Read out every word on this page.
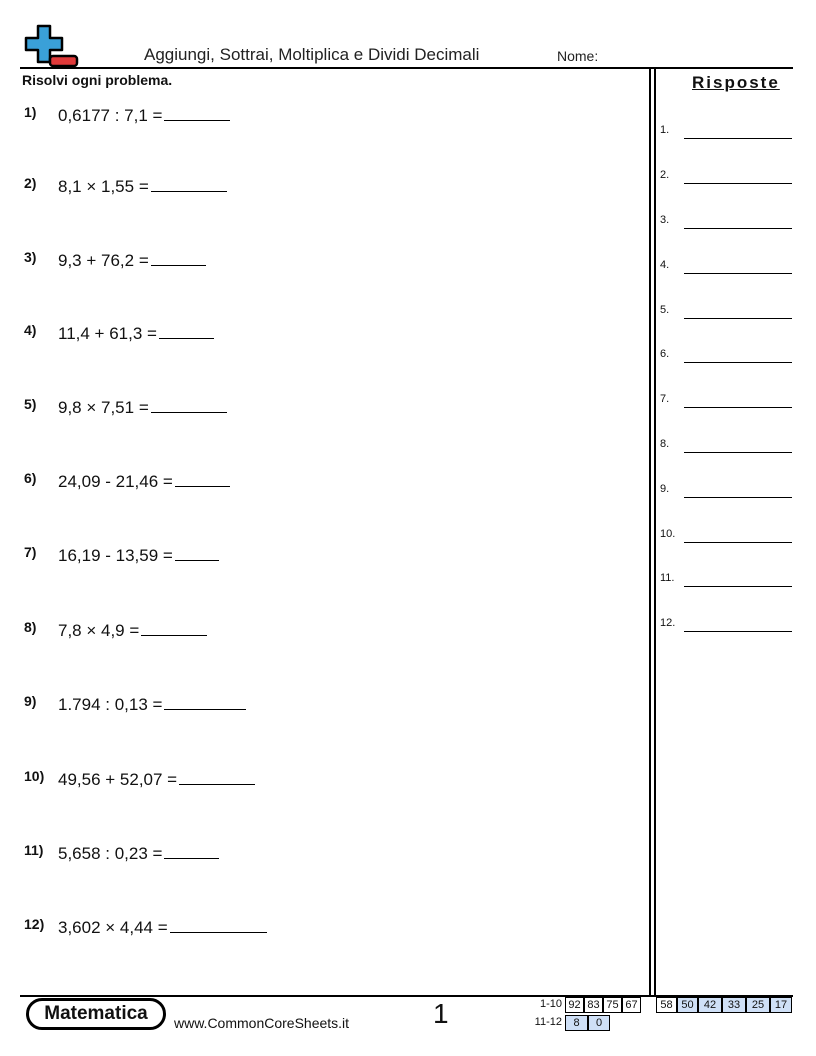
Aggiungi, Sottrai, Moltiplica e Dividi Decimali	Nome:
Risolvi ogni problema.
1) 0,6177 : 7,1 =
2) 8,1 × 1,55 =
3) 9,3 + 76,2 =
4) 11,4 + 61,3 =
5) 9,8 × 7,51 =
6) 24,09 - 21,46 =
7) 16,19 - 13,59 =
8) 7,8 × 4,9 =
9) 1.794 : 0,13 =
10) 49,56 + 52,07 =
11) 5,658 : 0,23 =
12) 3,602 × 4,44 =
Risposte
1.
2.
3.
4.
5.
6.
7.
8.
9.
10.
11.
12.
Matematica	www.CommonCoreSheets.it	1	1-10 92 83 75 67	58 50 42	33	25 17
11-12	8	0
